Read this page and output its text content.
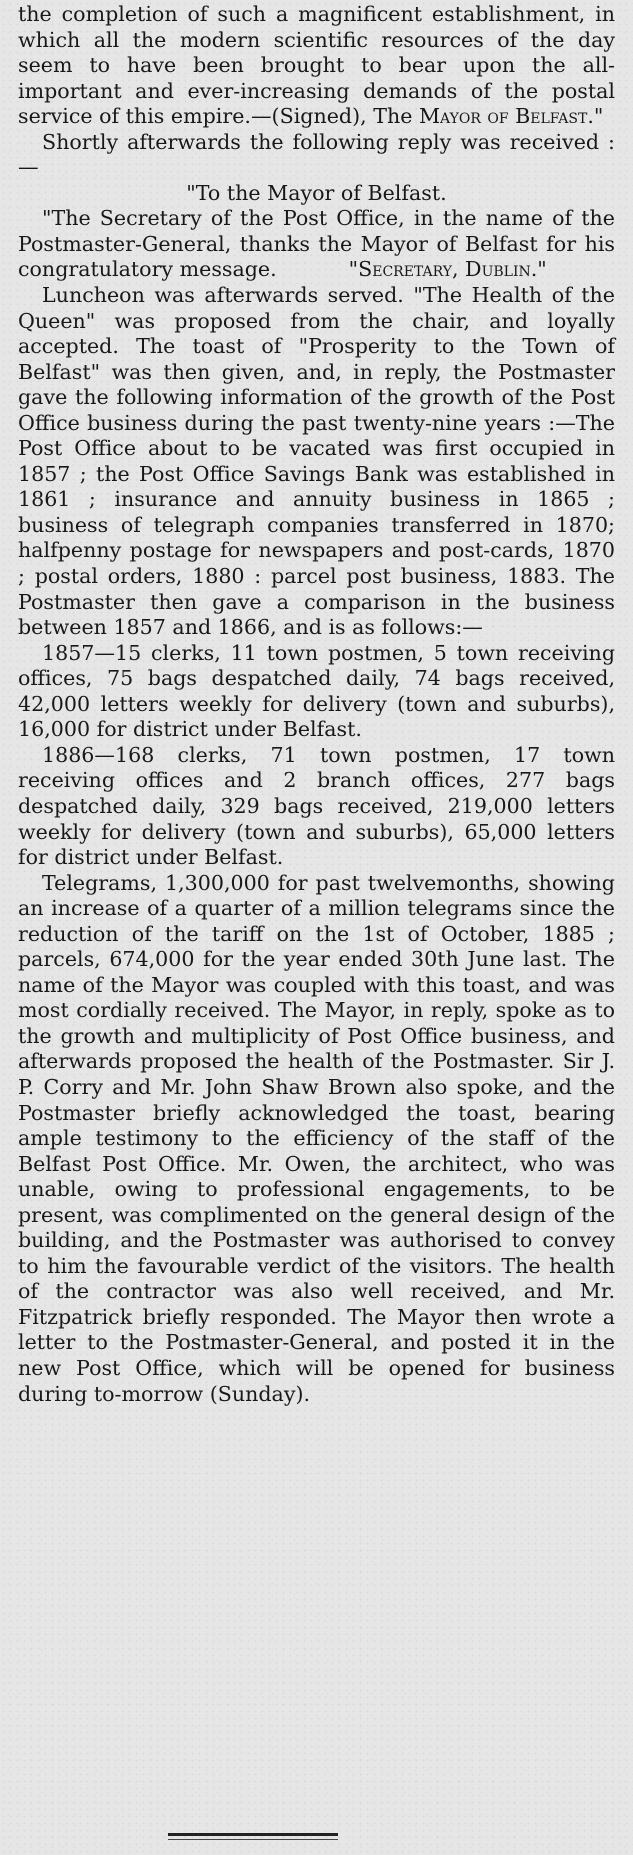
the completion of such a magnificent establishment, in which all the modern scientific resources of the day seem to have been brought to bear upon the all-important and ever-increasing demands of the postal service of this empire.—(Signed), The Mayor of Belfast."

Shortly afterwards the following reply was received :—

"To the Mayor of Belfast.

"The Secretary of the Post Office, in the name of the Postmaster-General, thanks the Mayor of Belfast for his congratulatory message.	"Secretary, Dublin."

Luncheon was afterwards served. "The Health of the Queen" was proposed from the chair, and loyally accepted. The toast of "Prosperity to the Town of Belfast" was then given, and, in reply, the Postmaster gave the following information of the growth of the Post Office business during the past twenty-nine years :—The Post Office about to be vacated was first occupied in 1857 ; the Post Office Savings Bank was established in 1861 ; insurance and annuity business in 1865 ; business of telegraph companies transferred in 1870; halfpenny postage for newspapers and post-cards, 1870 ; postal orders, 1880 : parcel post business, 1883. The Postmaster then gave a comparison in the business between 1857 and 1866, and is as follows:—

1857—15 clerks, 11 town postmen, 5 town receiving offices, 75 bags despatched daily, 74 bags received, 42,000 letters weekly for delivery (town and suburbs), 16,000 for district under Belfast.

1886—168 clerks, 71 town postmen, 17 town receiving offices and 2 branch offices, 277 bags despatched daily, 329 bags received, 219,000 letters weekly for delivery (town and suburbs), 65,000 letters for district under Belfast.

Telegrams, 1,300,000 for past twelvemonths, showing an increase of a quarter of a million telegrams since the reduction of the tariff on the 1st of October, 1885 ; parcels, 674,000 for the year ended 30th June last. The name of the Mayor was coupled with this toast, and was most cordially received. The Mayor, in reply, spoke as to the growth and multiplicity of Post Office business, and afterwards proposed the health of the Postmaster. Sir J. P. Corry and Mr. John Shaw Brown also spoke, and the Postmaster briefly acknowledged the toast, bearing ample testimony to the efficiency of the staff of the Belfast Post Office. Mr. Owen, the architect, who was unable, owing to professional engagements, to be present, was complimented on the general design of the building, and the Postmaster was authorised to convey to him the favourable verdict of the visitors. The health of the contractor was also well received, and Mr. Fitzpatrick briefly responded. The Mayor then wrote a letter to the Postmaster-General, and posted it in the new Post Office, which will be opened for business during to-morrow (Sunday).
